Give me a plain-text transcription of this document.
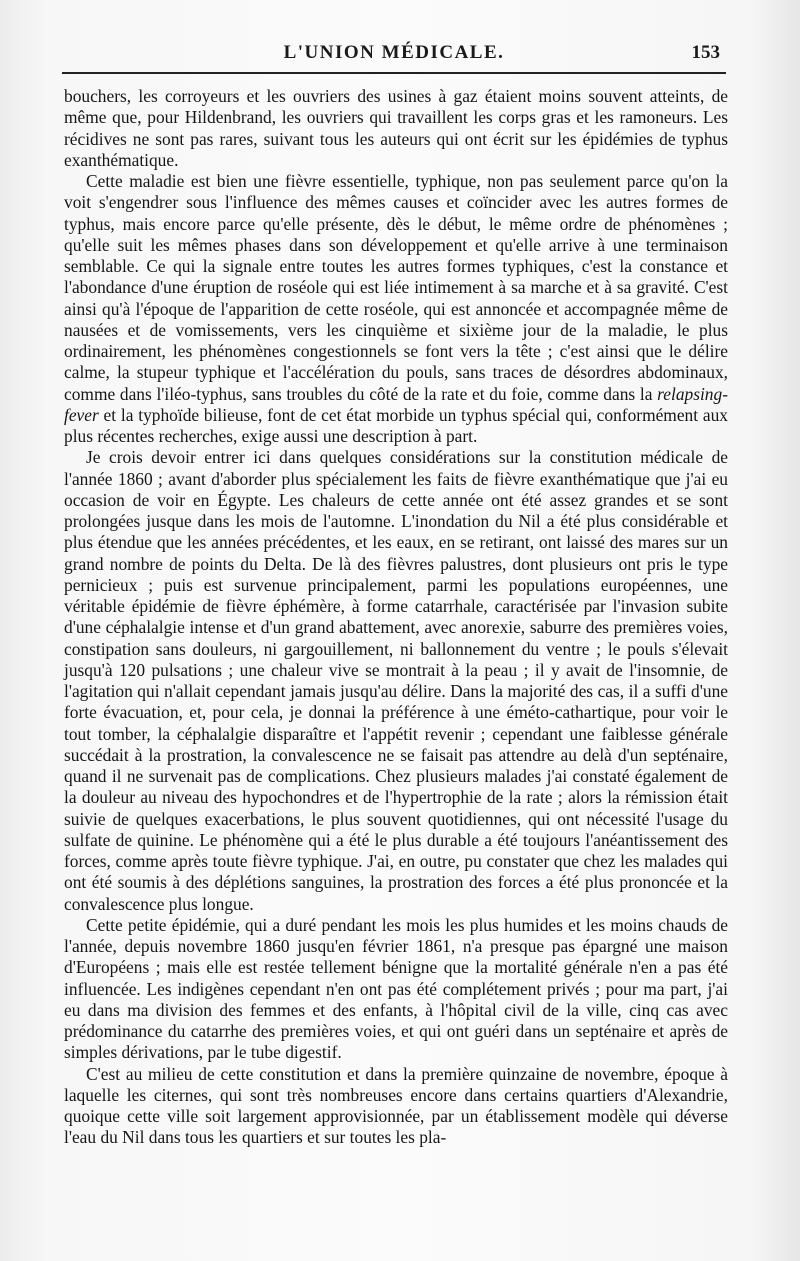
L'UNION MÉDICALE.	153

bouchers, les corroyeurs et les ouvriers des usines à gaz étaient moins souvent atteints, de même que, pour Hildenbrand, les ouvriers qui travaillent les corps gras et les ramoneurs. Les récidives ne sont pas rares, suivant tous les auteurs qui ont écrit sur les épidémies de typhus exanthématique.

Cette maladie est bien une fièvre essentielle, typhique, non pas seulement parce qu'on la voit s'engendrer sous l'influence des mêmes causes et coïncider avec les autres formes de typhus, mais encore parce qu'elle présente, dès le début, le même ordre de phénomènes ; qu'elle suit les mêmes phases dans son développement et qu'elle arrive à une terminaison semblable. Ce qui la signale entre toutes les autres formes typhiques, c'est la constance et l'abondance d'une éruption de roséole qui est liée intimement à sa marche et à sa gravité. C'est ainsi qu'à l'époque de l'apparition de cette roséole, qui est annoncée et accompagnée même de nausées et de vomissements, vers les cinquième et sixième jour de la maladie, le plus ordinairement, les phénomènes congestionnels se font vers la tête ; c'est ainsi que le délire calme, la stupeur typhique et l'accélération du pouls, sans traces de désordres abdominaux, comme dans l'iléo-typhus, sans troubles du côté de la rate et du foie, comme dans la relapsing-fever et la typhoïde bilieuse, font de cet état morbide un typhus spécial qui, conformément aux plus récentes recherches, exige aussi une description à part.

Je crois devoir entrer ici dans quelques considérations sur la constitution médicale de l'année 1860 ; avant d'aborder plus spécialement les faits de fièvre exanthématique que j'ai eu occasion de voir en Égypte. Les chaleurs de cette année ont été assez grandes et se sont prolongées jusque dans les mois de l'automne. L'inondation du Nil a été plus considérable et plus étendue que les années précédentes, et les eaux, en se retirant, ont laissé des mares sur un grand nombre de points du Delta. De là des fièvres palustres, dont plusieurs ont pris le type pernicieux ; puis est survenue principalement, parmi les populations européennes, une véritable épidémie de fièvre éphémère, à forme catarrhale, caractérisée par l'invasion subite d'une céphalalgie intense et d'un grand abattement, avec anorexie, saburre des premières voies, constipation sans douleurs, ni gargouillement, ni ballonnement du ventre ; le pouls s'élevait jusqu'à 120 pulsations ; une chaleur vive se montrait à la peau ; il y avait de l'insomnie, de l'agitation qui n'allait cependant jamais jusqu'au délire. Dans la majorité des cas, il a suffi d'une forte évacuation, et, pour cela, je donnai la préférence à une éméto-cathartique, pour voir le tout tomber, la céphalalgie disparaître et l'appétit revenir ; cependant une faiblesse générale succédait à la prostration, la convalescence ne se faisait pas attendre au delà d'un septénaire, quand il ne survenait pas de complications. Chez plusieurs malades j'ai constaté également de la douleur au niveau des hypochondres et de l'hypertrophie de la rate ; alors la rémission était suivie de quelques exacerbations, le plus souvent quotidiennes, qui ont nécessité l'usage du sulfate de quinine. Le phénomène qui a été le plus durable a été toujours l'anéantissement des forces, comme après toute fièvre typhique. J'ai, en outre, pu constater que chez les malades qui ont été soumis à des déplétions sanguines, la prostration des forces a été plus prononcée et la convalescence plus longue.

Cette petite épidémie, qui a duré pendant les mois les plus humides et les moins chauds de l'année, depuis novembre 1860 jusqu'en février 1861, n'a presque pas épargné une maison d'Européens ; mais elle est restée tellement bénigne que la mortalité générale n'en a pas été influencée. Les indigènes cependant n'en ont pas été complétement privés ; pour ma part, j'ai eu dans ma division des femmes et des enfants, à l'hôpital civil de la ville, cinq cas avec prédominance du catarrhe des premières voies, et qui ont guéri dans un septénaire et après de simples dérivations, par le tube digestif.

C'est au milieu de cette constitution et dans la première quinzaine de novembre, époque à laquelle les citernes, qui sont très nombreuses encore dans certains quartiers d'Alexandrie, quoique cette ville soit largement approvisionnée, par un établissement modèle qui déverse l'eau du Nil dans tous les quartiers et sur toutes les pla-
